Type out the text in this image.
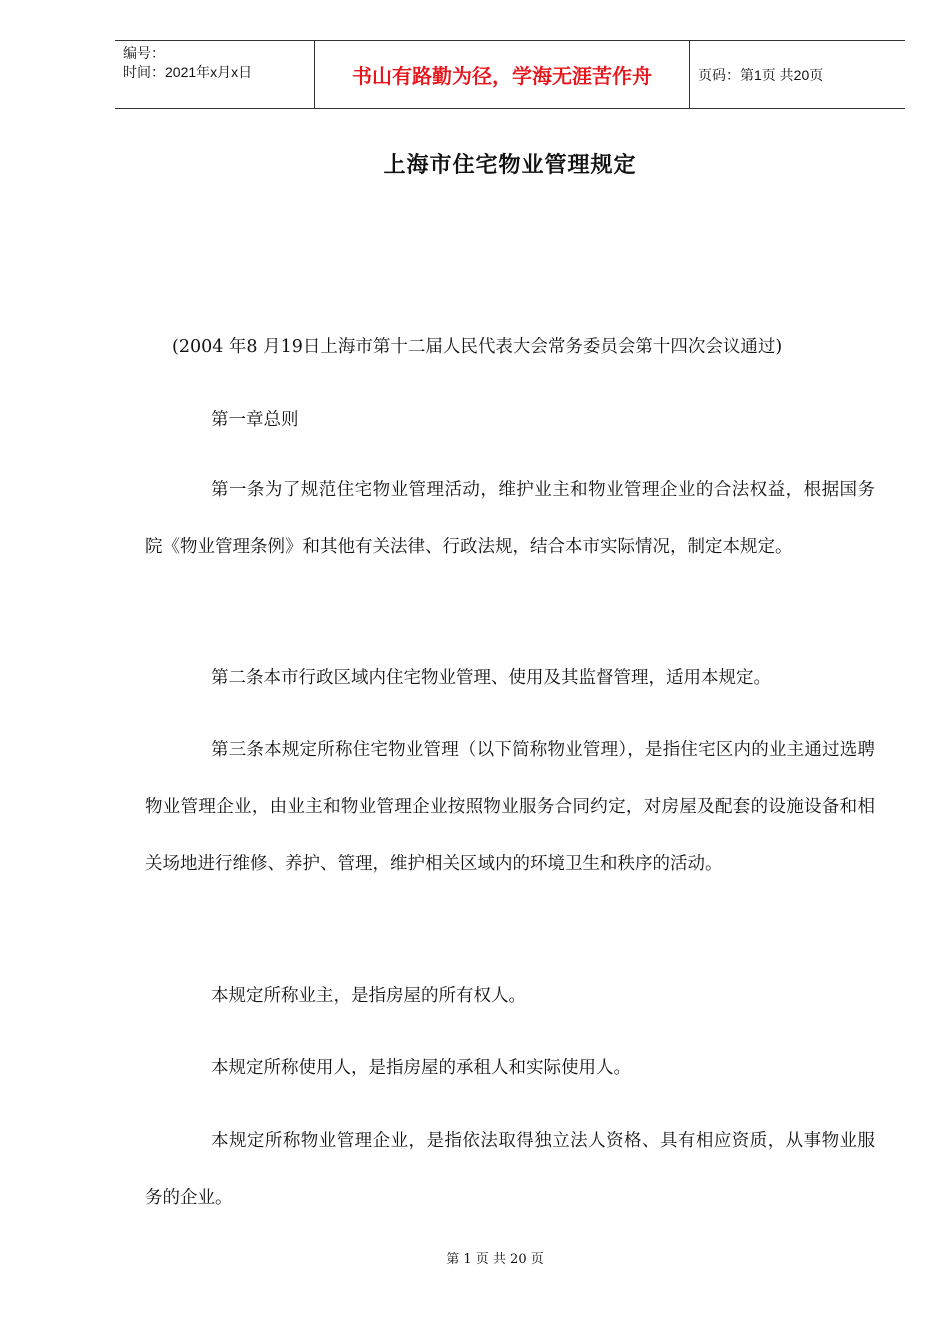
编号：
时间：2021年x月x日	书山有路勤为径，学海无涯苦作舟	页码：第1页 共20页
上海市住宅物业管理规定

(2004 年8 月19日上海市第十二届人民代表大会常务委员会第十四次会议通过)

第一章总则

第一条为了规范住宅物业管理活动，维护业主和物业管理企业的合法权益，根据国务院《物业管理条例》和其他有关法律、行政法规，结合本市实际情况，制定本规定。

第二条本市行政区域内住宅物业管理、使用及其监督管理，适用本规定。

第三条本规定所称住宅物业管理（以下简称物业管理），是指住宅区内的业主通过选聘物业管理企业，由业主和物业管理企业按照物业服务合同约定，对房屋及配套的设施设备和相关场地进行维修、养护、管理，维护相关区域内的环境卫生和秩序的活动。

本规定所称业主，是指房屋的所有权人。

本规定所称使用人，是指房屋的承租人和实际使用人。

本规定所称物业管理企业，是指依法取得独立法人资格、具有相应资质，从事物业服务的企业。

第 1 页 共 20 页
